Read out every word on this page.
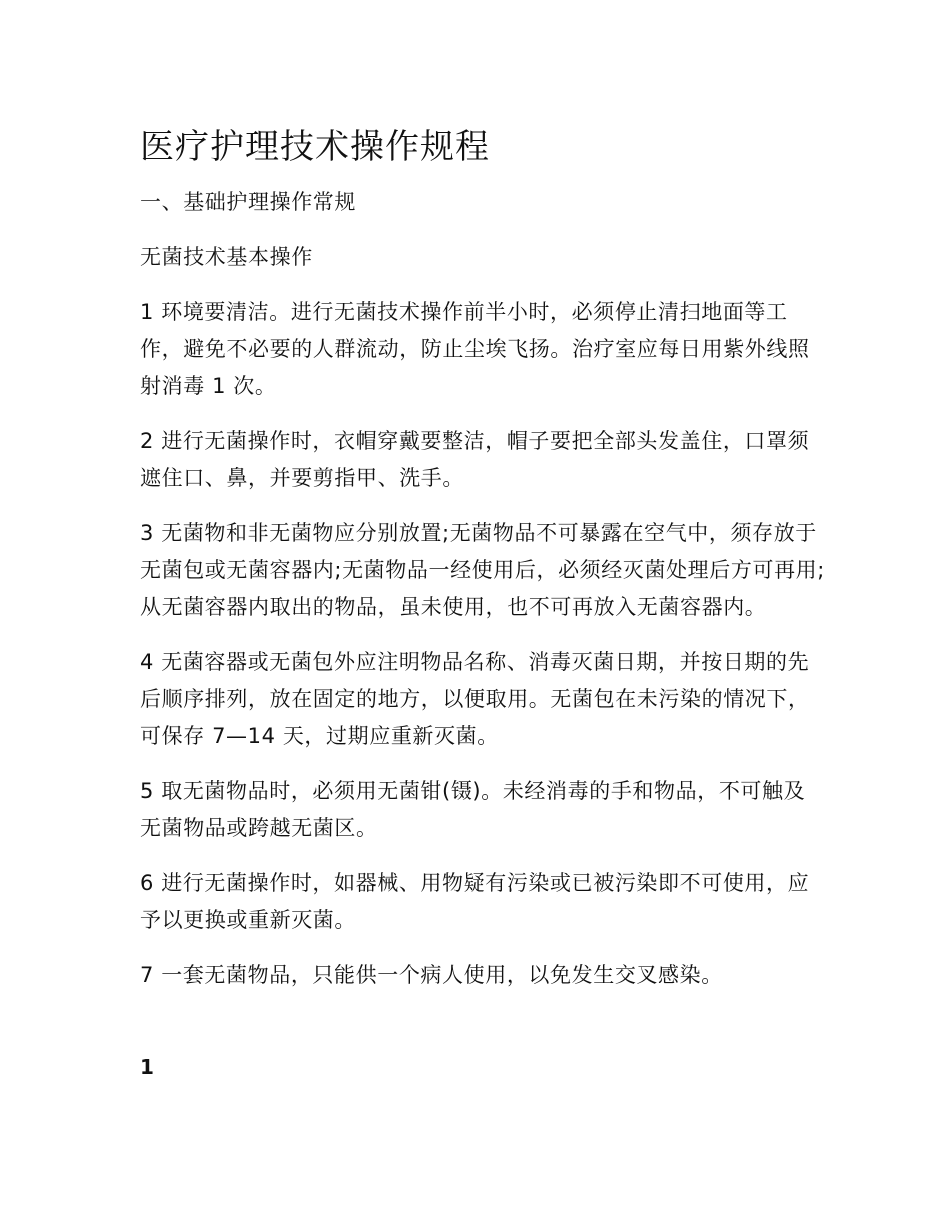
医疗护理技术操作规程

一、基础护理操作常规

无菌技术基本操作

1 环境要清洁。进行无菌技术操作前半小时，必须停止清扫地面等工作，避免不必要的人群流动，防止尘埃飞扬。治疗室应每日用紫外线照射消毒 1 次。

2 进行无菌操作时，衣帽穿戴要整洁，帽子要把全部头发盖住，口罩须遮住口、鼻，并要剪指甲、洗手。

3 无菌物和非无菌物应分别放置;无菌物品不可暴露在空气中，须存放于无菌包或无菌容器内;无菌物品一经使用后，必须经灭菌处理后方可再用;从无菌容器内取出的物品，虽未使用，也不可再放入无菌容器内。

4 无菌容器或无菌包外应注明物品名称、消毒灭菌日期，并按日期的先后顺序排列，放在固定的地方，以便取用。无菌包在未污染的情况下，可保存 7—14 天，过期应重新灭菌。

5 取无菌物品时，必须用无菌钳(镊)。未经消毒的手和物品，不可触及无菌物品或跨越无菌区。

6 进行无菌操作时，如器械、用物疑有污染或已被污染即不可使用，应予以更换或重新灭菌。

7 一套无菌物品，只能供一个病人使用，以免发生交叉感染。

1
